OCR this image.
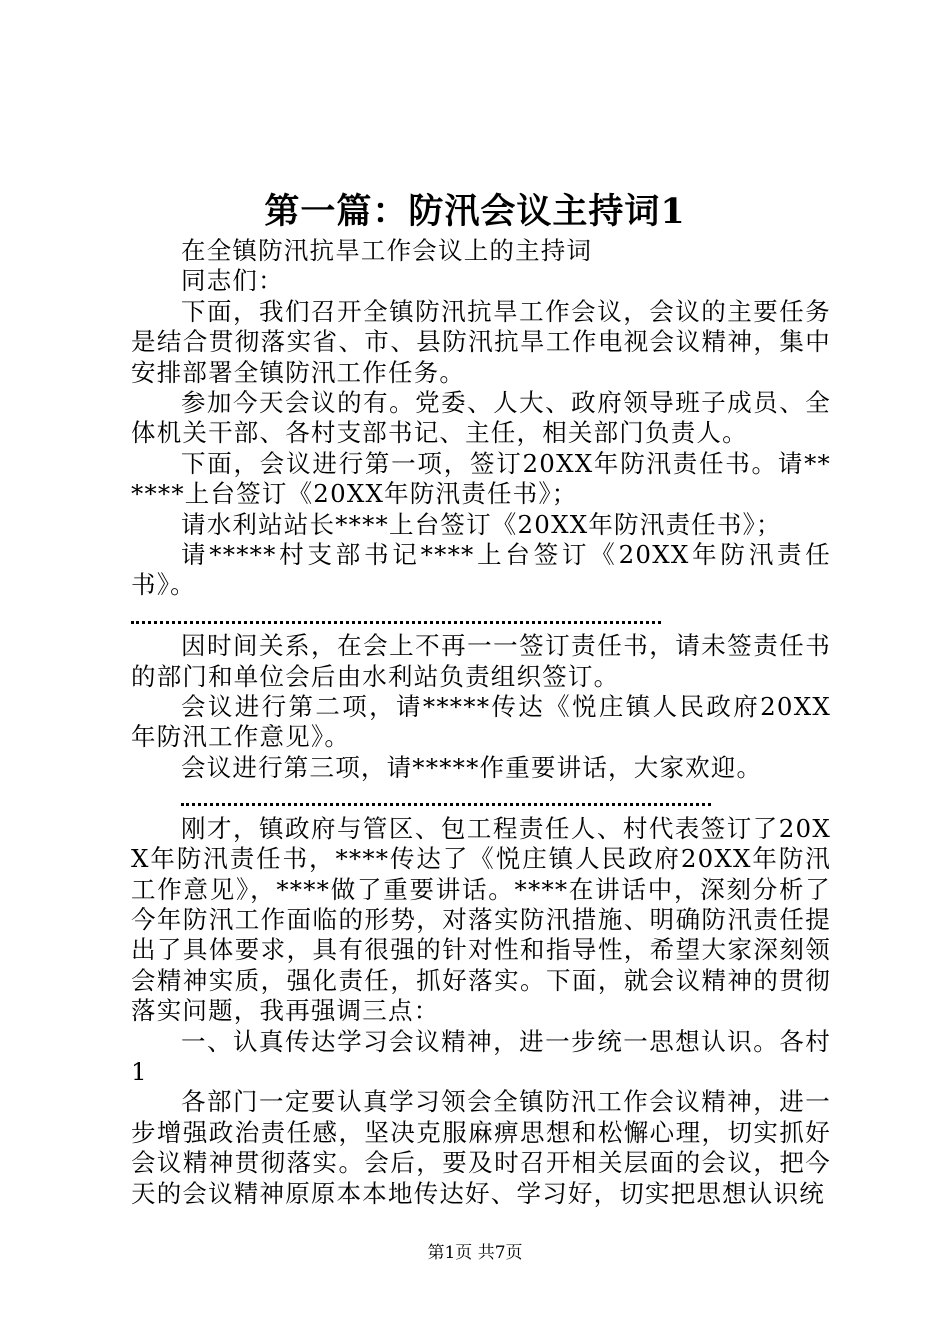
第一篇：防汛会议主持词1

在全镇防汛抗旱工作会议上的主持词

同志们：

下面，我们召开全镇防汛抗旱工作会议，会议的主要任务是结合贯彻落实省、市、县防汛抗旱工作电视会议精神，集中安排部署全镇防汛工作任务。

参加今天会议的有。党委、人大、政府领导班子成员、全体机关干部、各村支部书记、主任，相关部门负责人。

下面，会议进行第一项，签订20XX年防汛责任书。请******上台签订《20XX年防汛责任书》；

请水利站站长****上台签订《20XX年防汛责任书》；

请*****村支部书记****上台签订《20XX年防汛责任书》。

因时间关系，在会上不再一一签订责任书，请未签责任书的部门和单位会后由水利站负责组织签订。

会议进行第二项，请*****传达《悦庄镇人民政府20XX年防汛工作意见》。

会议进行第三项，请*****作重要讲话，大家欢迎。

刚才，镇政府与管区、包工程责任人、村代表签订了20XX年防汛责任书，****传达了《悦庄镇人民政府20XX年防汛工作意见》，****做了重要讲话。****在讲话中，深刻分析了今年防汛工作面临的形势，对落实防汛措施、明确防汛责任提出了具体要求，具有很强的针对性和指导性，希望大家深刻领会精神实质，强化责任，抓好落实。下面，就会议精神的贯彻落实问题，我再强调三点：

一、认真传达学习会议精神，进一步统一思想认识。各村1

各部门一定要认真学习领会全镇防汛工作会议精神，进一步增强政治责任感，坚决克服麻痹思想和松懈心理，切实抓好会议精神贯彻落实。会后，要及时召开相关层面的会议，把今天的会议精神原原本本地传达好、学习好，切实把思想认识统

第1页 共7页
